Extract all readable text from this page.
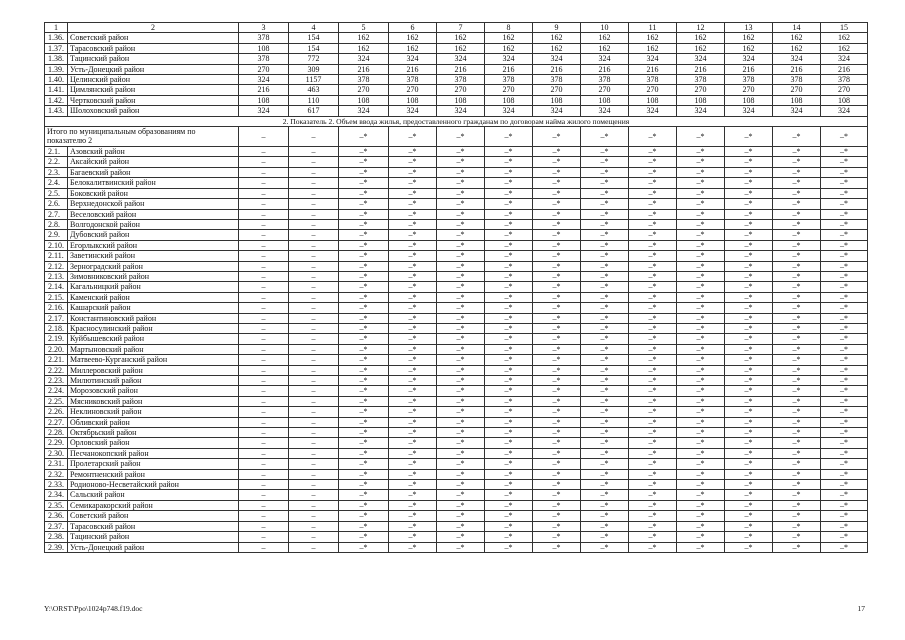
1	2	3	4	5	6	7	8	9	10	11	12	13	14	15
1.36.	Советский район	378	154	162	162	162	162	162	162	162	162	162	162	162
1.37.	Тарасовский район	108	154	162	162	162	162	162	162	162	162	162	162	162
1.38.	Тацинский район	378	772	324	324	324	324	324	324	324	324	324	324	324
1.39.	Усть-Донецкий район	270	309	216	216	216	216	216	216	216	216	216	216	216
1.40.	Целинский район	324	1157	378	378	378	378	378	378	378	378	378	378	378
1.41.	Цимлянский район	216	463	270	270	270	270	270	270	270	270	270	270	270
1.42.	Чертковский район	108	110	108	108	108	108	108	108	108	108	108	108	108
1.43.	Шолоховский район	324	617	324	324	324	324	324	324	324	324	324	324	324
2. Показатель 2. Объем ввода жилья, предоставленного гражданам по договорам найма жилого помещения														
Итого по муниципальным образованиям по показателю 2		–	–	–*	–*	–*	–*	–*	–*	–*	–*	–*	–*	–*
2.1.	Азовский район	–	–	–*	–*	–*	–*	–*	–*	–*	–*	–*	–*	–*
2.2.	Аксайский район	–	–	–*	–*	–*	–*	–*	–*	–*	–*	–*	–*	–*
2.3.	Багаевский район	–	–	–*	–*	–*	–*	–*	–*	–*	–*	–*	–*	–*
2.4.	Белокалитвинский район	–	–	–*	–*	–*	–*	–*	–*	–*	–*	–*	–*	–*
2.5.	Боковский район	–	–	–*	–*	–*	–*	–*	–*	–*	–*	–*	–*	–*
2.6.	Верхнедонской район	–	–	–*	–*	–*	–*	–*	–*	–*	–*	–*	–*	–*
2.7.	Веселовский район	–	–	–*	–*	–*	–*	–*	–*	–*	–*	–*	–*	–*
2.8.	Волгодонской район	–	–	–*	–*	–*	–*	–*	–*	–*	–*	–*	–*	–*
2.9.	Дубовский район	–	–	–*	–*	–*	–*	–*	–*	–*	–*	–*	–*	–*
2.10.	Егорлыкский район	–	–	–*	–*	–*	–*	–*	–*	–*	–*	–*	–*	–*
2.11.	Заветинский район	–	–	–*	–*	–*	–*	–*	–*	–*	–*	–*	–*	–*
2.12.	Зерноградский район	–	–	–*	–*	–*	–*	–*	–*	–*	–*	–*	–*	–*
2.13.	Зимовниковский район	–	–	–*	–*	–*	–*	–*	–*	–*	–*	–*	–*	–*
2.14.	Кагальницкий район	–	–	–*	–*	–*	–*	–*	–*	–*	–*	–*	–*	–*
2.15.	Каменский район	–	–	–*	–*	–*	–*	–*	–*	–*	–*	–*	–*	–*
2.16.	Кашарский район	–	–	–*	–*	–*	–*	–*	–*	–*	–*	–*	–*	–*
2.17.	Константиновский район	–	–	–*	–*	–*	–*	–*	–*	–*	–*	–*	–*	–*
2.18.	Красносулинский район	–	–	–*	–*	–*	–*	–*	–*	–*	–*	–*	–*	–*
2.19.	Куйбышевский район	–	–	–*	–*	–*	–*	–*	–*	–*	–*	–*	–*	–*
2.20.	Мартыновский район	–	–	–*	–*	–*	–*	–*	–*	–*	–*	–*	–*	–*
2.21.	Матвеево-Курганский район	–	–	–*	–*	–*	–*	–*	–*	–*	–*	–*	–*	–*
2.22.	Миллеровский район	–	–	–*	–*	–*	–*	–*	–*	–*	–*	–*	–*	–*
2.23.	Милютинский район	–	–	–*	–*	–*	–*	–*	–*	–*	–*	–*	–*	–*
2.24.	Морозовский район	–	–	–*	–*	–*	–*	–*	–*	–*	–*	–*	–*	–*
2.25.	Мясниковский район	–	–	–*	–*	–*	–*	–*	–*	–*	–*	–*	–*	–*
2.26.	Неклиновский район	–	–	–*	–*	–*	–*	–*	–*	–*	–*	–*	–*	–*
2.27.	Обливский район	–	–	–*	–*	–*	–*	–*	–*	–*	–*	–*	–*	–*
2.28.	Октябрьский район	–	–	–*	–*	–*	–*	–*	–*	–*	–*	–*	–*	–*
2.29.	Орловский район	–	–	–*	–*	–*	–*	–*	–*	–*	–*	–*	–*	–*
2.30.	Песчанокопский район	–	–	–*	–*	–*	–*	–*	–*	–*	–*	–*	–*	–*
2.31.	Пролетарский район	–	–	–*	–*	–*	–*	–*	–*	–*	–*	–*	–*	–*
2.32.	Ремонтненский район	–	–	–*	–*	–*	–*	–*	–*	–*	–*	–*	–*	–*
2.33.	Родионово-Несветайский район	–	–	–*	–*	–*	–*	–*	–*	–*	–*	–*	–*	–*
2.34.	Сальский район	–	–	–*	–*	–*	–*	–*	–*	–*	–*	–*	–*	–*
2.35.	Семикаракорский район	–	–	–*	–*	–*	–*	–*	–*	–*	–*	–*	–*	–*
2.36.	Советский район	–	–	–*	–*	–*	–*	–*	–*	–*	–*	–*	–*	–*
2.37.	Тарасовский район	–	–	–*	–*	–*	–*	–*	–*	–*	–*	–*	–*	–*
2.38.	Тацинский район	–	–	–*	–*	–*	–*	–*	–*	–*	–*	–*	–*	–*
2.39.	Усть-Донецкий район	–	–	–*	–*	–*	–*	–*	–*	–*	–*	–*	–*	–*
Y:\ORST\Ppo\1024p748.f19.doc	17
